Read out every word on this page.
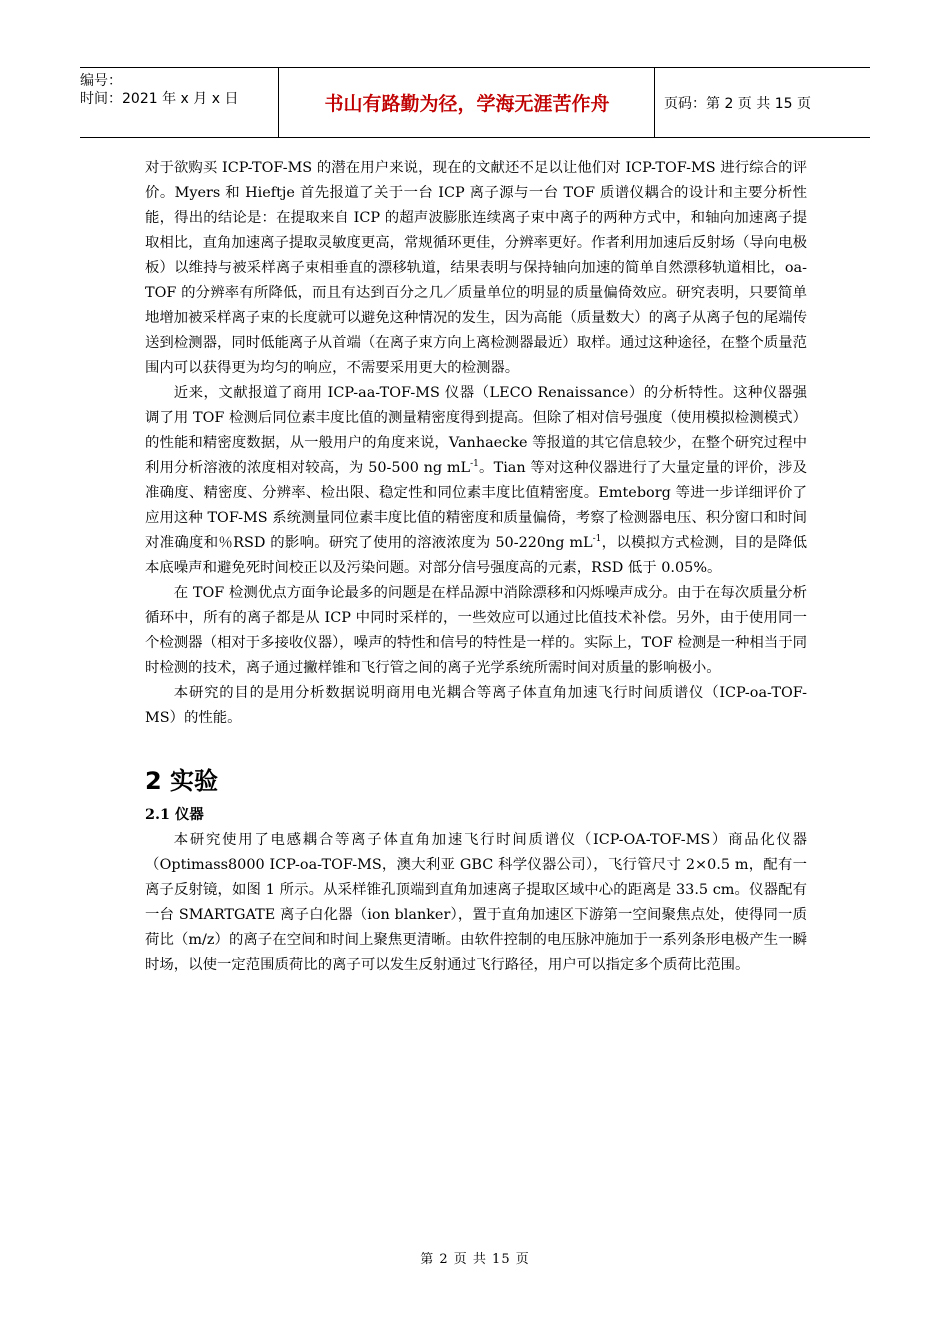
编号：
时间：2021 年 x 月 x 日	书山有路勤为径，学海无涯苦作舟	页码：第 2 页 共 15 页

对于欲购买 ICP-TOF-MS 的潜在用户来说，现在的文献还不足以让他们对 ICP-TOF-MS 进行综合的评价。Myers 和 Hieftje 首先报道了关于一台 ICP 离子源与一台 TOF 质谱仪耦合的设计和主要分析性能，得出的结论是：在提取来自 ICP 的超声波膨胀连续离子束中离子的两种方式中，和轴向加速离子提取相比，直角加速离子提取灵敏度更高，常规循环更佳，分辨率更好。作者利用加速后反射场（导向电极板）以维持与被采样离子束相垂直的漂移轨道，结果表明与保持轴向加速的简单自然漂移轨道相比，oa-TOF 的分辨率有所降低，而且有达到百分之几／质量单位的明显的质量偏倚效应。研究表明，只要简单地增加被采样离子束的长度就可以避免这种情况的发生，因为高能（质量数大）的离子从离子包的尾端传送到检测器，同时低能离子从首端（在离子束方向上离检测器最近）取样。通过这种途径，在整个质量范围内可以获得更为均匀的响应，不需要采用更大的检测器。

近来，文献报道了商用 ICP-aa-TOF-MS 仪器（LECO Renaissance）的分析特性。这种仪器强调了用 TOF 检测后同位素丰度比值的测量精密度得到提高。但除了相对信号强度（使用模拟检测模式）的性能和精密度数据，从一般用户的角度来说，Vanhaecke 等报道的其它信息较少，在整个研究过程中利用分析溶液的浓度相对较高，为 50-500 ng $mL^{-1}$。Tian 等对这种仪器进行了大量定量的评价，涉及准确度、精密度、分辨率、检出限、稳定性和同位素丰度比值精密度。Emteborg 等进一步详细评价了应用这种 TOF-MS 系统测量同位素丰度比值的精密度和质量偏倚，考察了检测器电压、积分窗口和时间对准确度和％RSD 的影响。研究了使用的溶液浓度为 50-220ng $mL^{-1}$，以模拟方式检测，目的是降低本底噪声和避免死时间校正以及污染问题。对部分信号强度高的元素，RSD 低于 0.05%。

在 TOF 检测优点方面争论最多的问题是在样品源中消除漂移和闪烁噪声成分。由于在每次质量分析循环中，所有的离子都是从 ICP 中同时采样的，一些效应可以通过比值技术补偿。另外，由于使用同一个检测器（相对于多接收仪器），噪声的特性和信号的特性是一样的。实际上，TOF 检测是一种相当于同时检测的技术，离子通过撇样锥和飞行管之间的离子光学系统所需时间对质量的影响极小。

本研究的目的是用分析数据说明商用电光耦合等离子体直角加速飞行时间质谱仪（ICP-oa-TOF-MS）的性能。

2 实验
2.1 仪器

本研究使用了电感耦合等离子体直角加速飞行时间质谱仪（ICP-OA-TOF-MS）商品化仪器（Optimass8000 ICP-oa-TOF-MS，澳大利亚 GBC 科学仪器公司），飞行管尺寸 2×0.5 m，配有一离子反射镜，如图 1 所示。从采样锥孔顶端到直角加速离子提取区域中心的距离是 33.5 cm。仪器配有一台 SMARTGATE 离子白化器（ion blanker），置于直角加速区下游第一空间聚焦点处，使得同一质荷比（m/z）的离子在空间和时间上聚焦更清晰。由软件控制的电压脉冲施加于一系列条形电极产生一瞬时场，以使一定范围质荷比的离子可以发生反射通过飞行路径，用户可以指定多个质荷比范围。

第 2 页 共 15 页
